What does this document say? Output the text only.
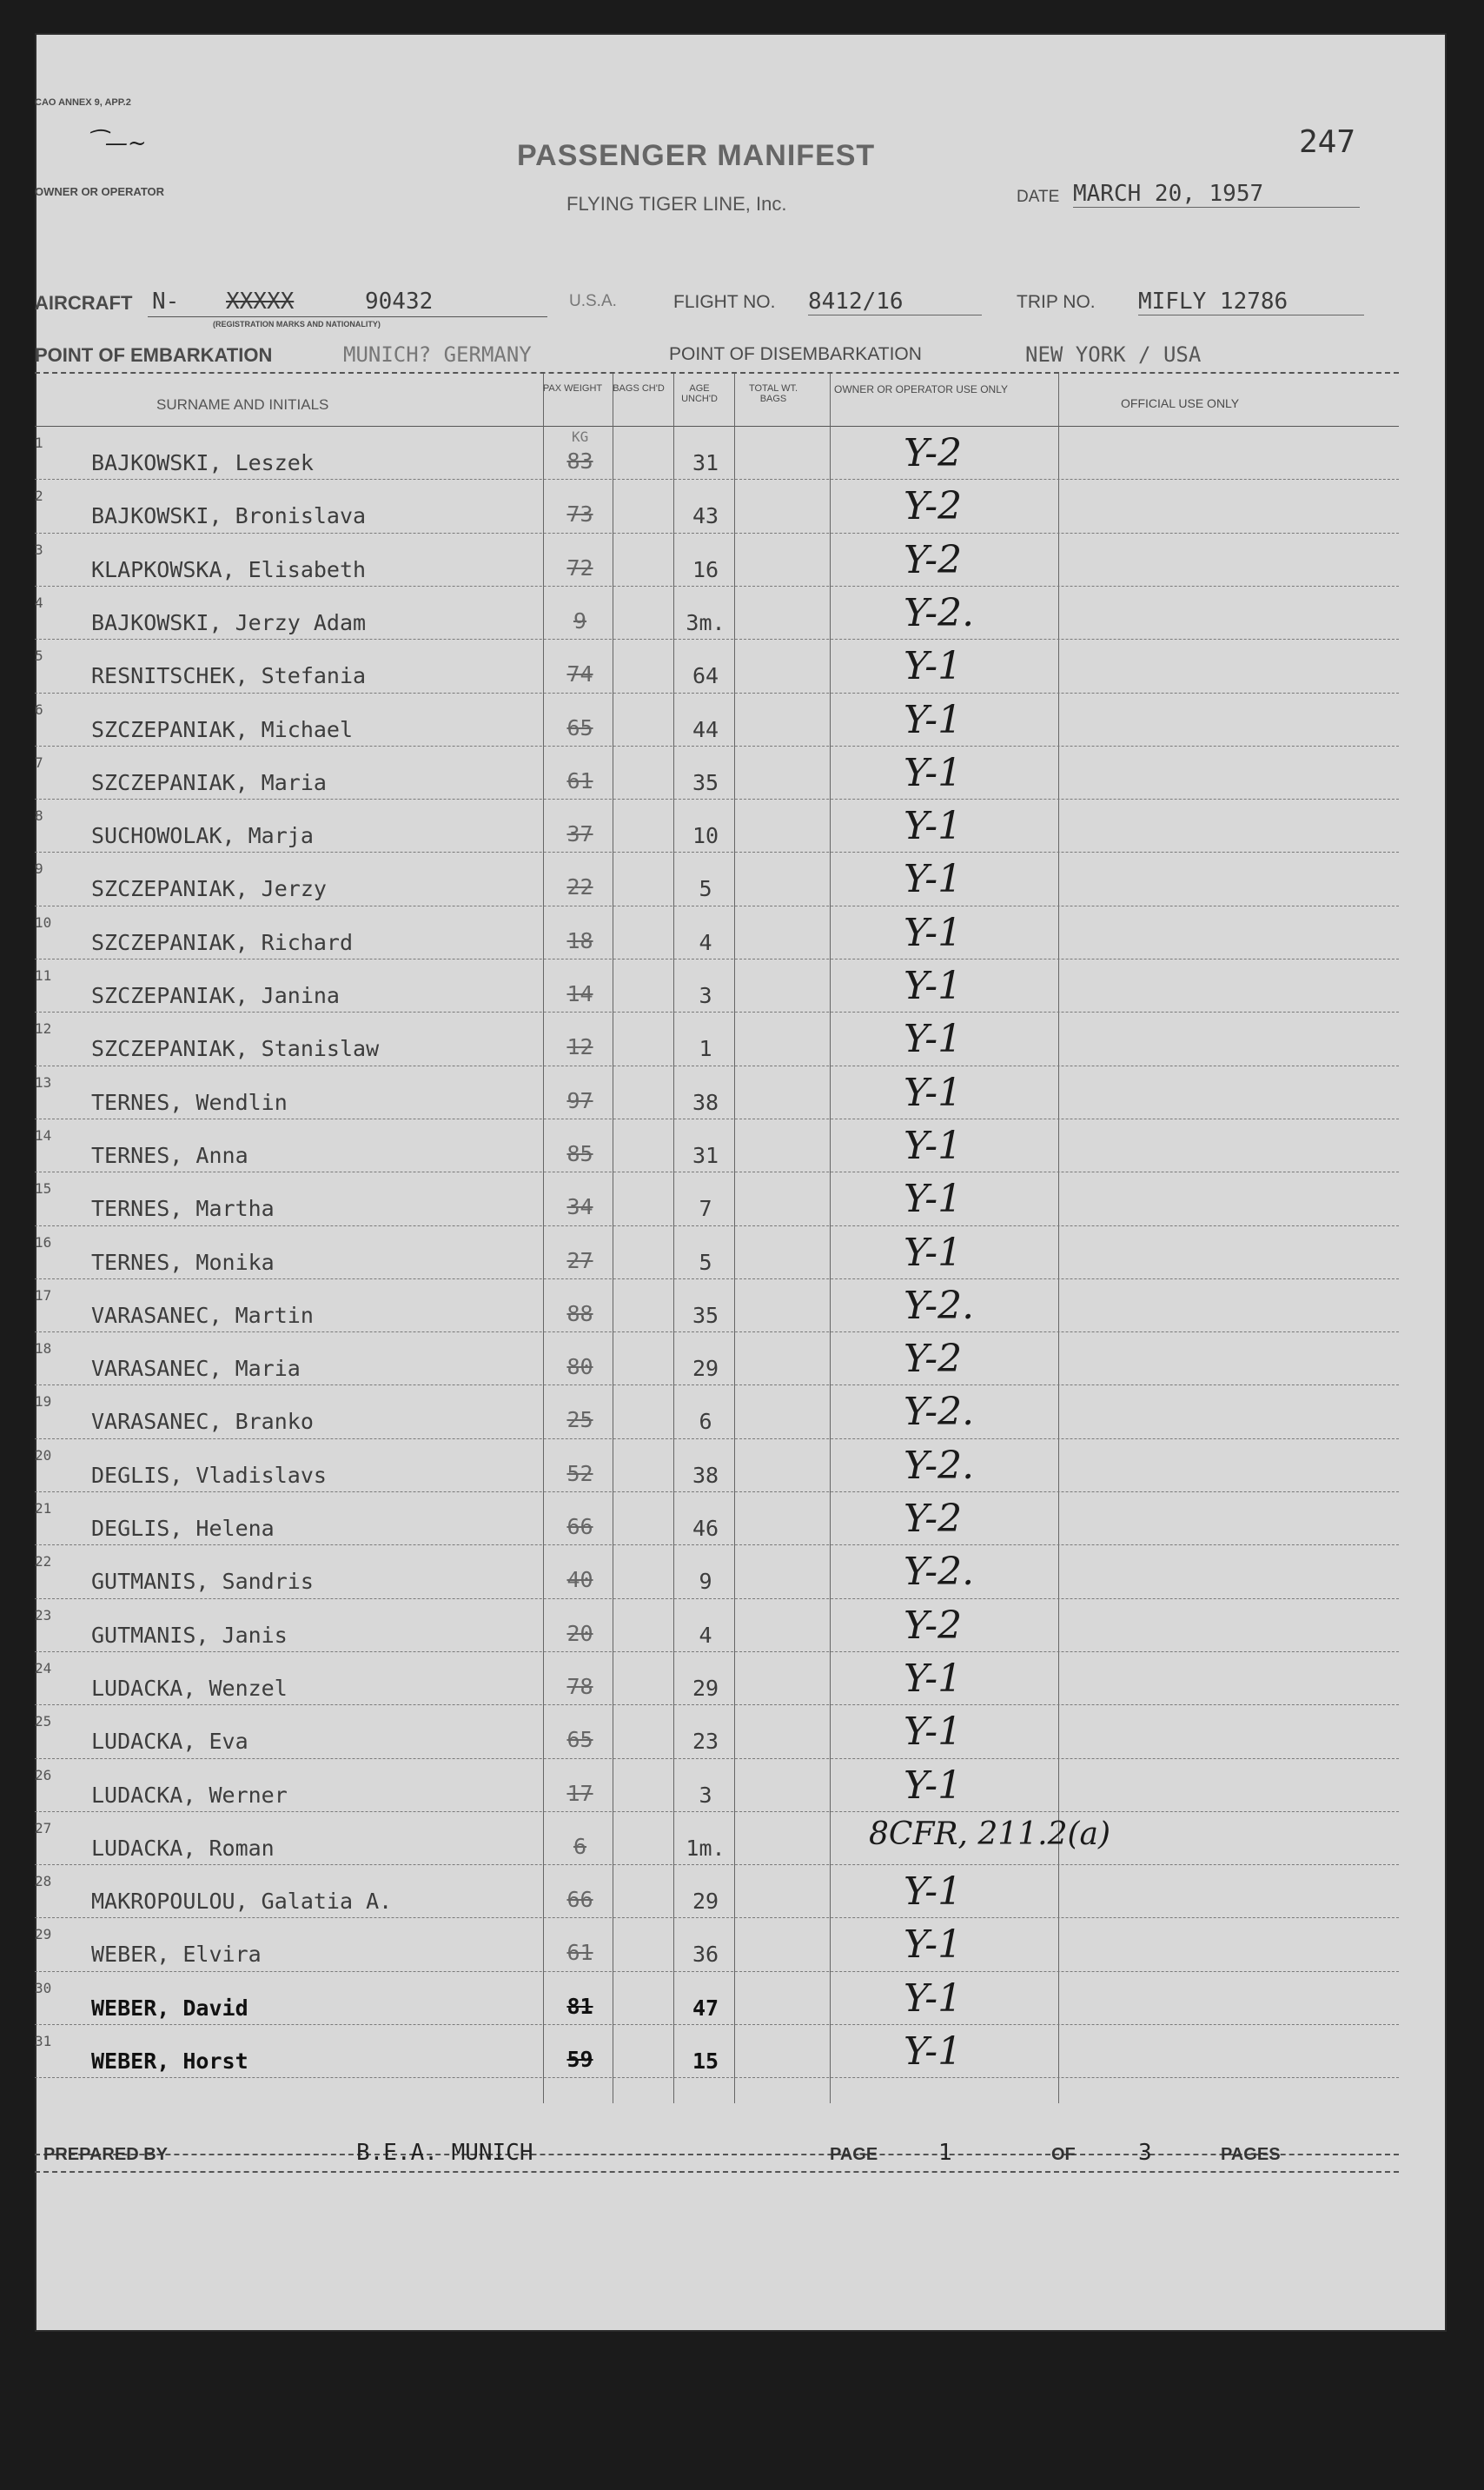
CAO ANNEX 9, APP.2
⁀—~
OWNER OR OPERATOR
PASSENGER MANIFEST
FLYING TIGER LINE, Inc.
247
DATE MARCH 20, 1957
AIRCRAFT N- XXXXX	90432
(REGISTRATION MARKS AND NATIONALITY)
U.S.A.	FLIGHT NO. 8412/16	TRIP NO. MIFLY 12786
POINT OF EMBARKATION	MUNICH? GERMANY	POINT OF DISEMBARKATION	NEW YORK / USA
SURNAME AND INITIALS
PAX WEIGHT BAGS CH'D	AGE UNCH'D
TOTAL WT. BAGS
OWNER OR OPERATOR USE ONLY
OFFICIAL USE ONLY
KG
1
BAJKOWSKI, Leszek	83	31	Y-2
2
BAJKOWSKI, Bronislava	73	43	Y-2
3
KLAPKOWSKA, Elisabeth	72	16	Y-2
4
BAJKOWSKI, Jerzy Adam	9	3m.	Y-2.
5
RESNITSCHEK, Stefania	74	64	Y-1
6
SZCZEPANIAK, Michael	65	44	Y-1
7
SZCZEPANIAK, Maria	61	35	Y-1
8
SUCHOWOLAK, Marja	37	10	Y-1
9
SZCZEPANIAK, Jerzy	22	5	Y-1
10
SZCZEPANIAK, Richard	18	4	Y-1
11
SZCZEPANIAK, Janina	14	3	Y-1
12
SZCZEPANIAK, Stanislaw	12	1	Y-1
13
TERNES, Wendlin	97	38	Y-1
14
TERNES, Anna	85	31	Y-1
15
TERNES, Martha	34	7	Y-1
16
TERNES, Monika	27	5	Y-1
17
VARASANEC, Martin	88	35	Y-2.
18
VARASANEC, Maria	80	29	Y-2
19
VARASANEC, Branko	25	6	Y-2.
20
DEGLIS, Vladislavs	52	38	Y-2.
21
DEGLIS, Helena	66	46	Y-2
22
GUTMANIS, Sandris	40	9	Y-2.
23
GUTMANIS, Janis	20	4	Y-2
24
LUDACKA, Wenzel	78	29	Y-1
25
LUDACKA, Eva	65	23	Y-1
26
LUDACKA, Werner	17	3	Y-1
27
LUDACKA, Roman	6	1m.	8CFR, 211.2(a)
28
MAKROPOULOU, Galatia A.	66	29	Y-1
29
WEBER, Elvira	61	36	Y-1
30
WEBER, David	81	47	Y-1
31
WEBER, Horst	59	15	Y-1
PREPARED BY	B.E.A. MUNICH	PAGE	1	OF	3	PAGES
